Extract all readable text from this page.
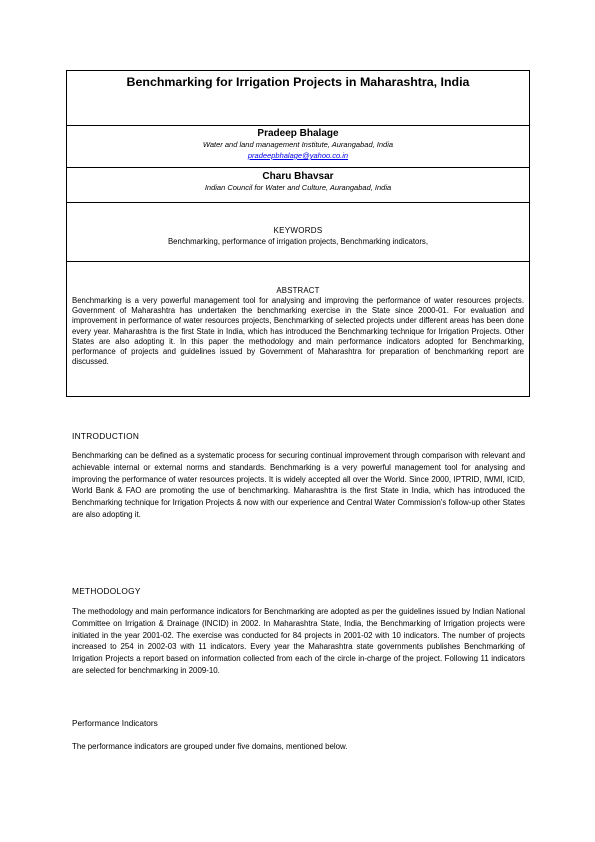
Benchmarking for Irrigation Projects in Maharashtra, India
Pradeep Bhalage
Water and land management Institute, Aurangabad, India
pradeepbhalage@yahoo.co.in
Charu Bhavsar
Indian Council for Water and Culture, Aurangabad, India
KEYWORDS
Benchmarking, performance of irrigation projects, Benchmarking indicators,
ABSTRACT
Benchmarking is a very powerful management tool for analysing and improving the performance of water resources projects. Government of Maharashtra has undertaken the benchmarking exercise in the State since 2000-01. For evaluation and improvement in performance of water resources projects, Benchmarking of selected projects under different areas has been done every year. Maharashtra is the first State in India, which has introduced the Benchmarking technique for Irrigation Projects. Other States are also adopting it. In this paper the methodology and main performance indicators adopted for Benchmarking, performance of projects and guidelines issued by Government of Maharashtra for preparation of benchmarking report are discussed.
INTRODUCTION
Benchmarking can be defined as a systematic process for securing continual improvement through comparison with relevant and achievable internal or external norms and standards. Benchmarking is a very powerful management tool for analysing and improving the performance of water resources projects. It is widely accepted all over the World. Since 2000, IPTRID, IWMI, ICID, World Bank & FAO are promoting the use of benchmarking. Maharashtra is the first State in India, which has introduced the Benchmarking technique for Irrigation Projects & now with our experience and Central Water Commission's follow-up other States are also adopting it.
METHODOLOGY
The methodology and main performance indicators for Benchmarking are adopted as per the guidelines issued by Indian National Committee on Irrigation & Drainage (INCID) in 2002. In Maharashtra State, India, the Benchmarking of Irrigation projects were initiated in the year 2001-02. The exercise was conducted for 84 projects in 2001-02 with 10 indicators. The number of projects increased to 254 in 2002-03 with 11 indicators. Every year the Maharashtra state governments publishes Benchmarking of Irrigation Projects a report based on information collected from each of the circle in-charge of the project. Following 11 indicators are selected for benchmarking in 2009-10.
Performance Indicators
The performance indicators are grouped under five domains, mentioned below.
